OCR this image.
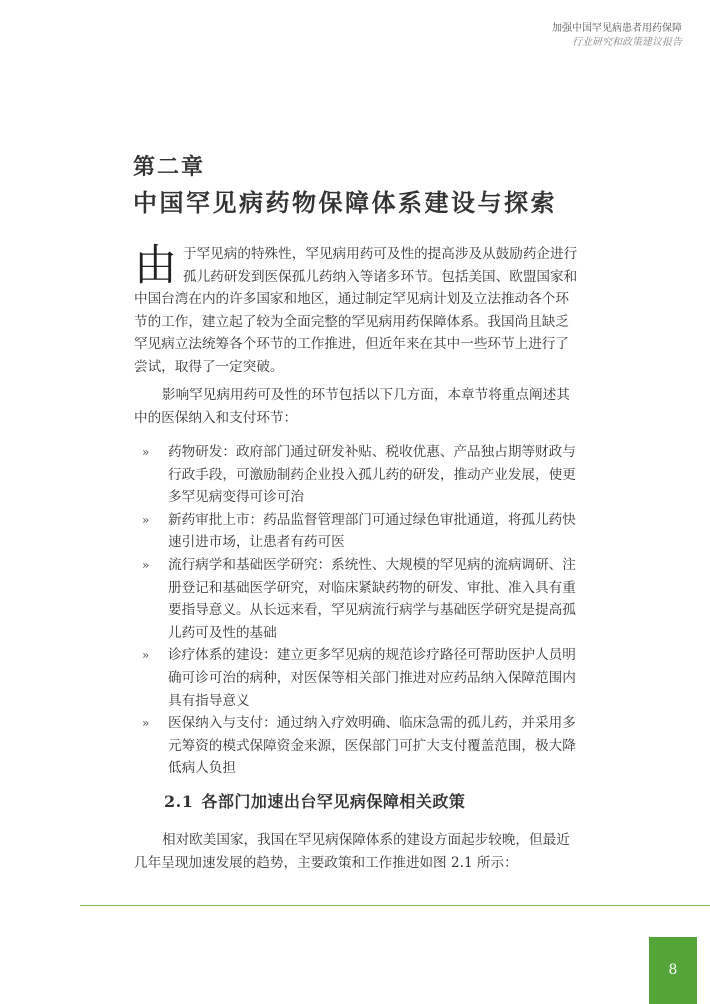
加强中国罕见病患者用药保障
行业研究和政策建议报告
第二章
中国罕见病药物保障体系建设与探索
由 于罕见病的特殊性，罕见病用药可及性的提高涉及从鼓励药企进行孤儿药研发到医保孤儿药纳入等诸多环节。包括美国、欧盟国家和中国台湾在内的许多国家和地区，通过制定罕见病计划及立法推动各个环节的工作，建立起了较为全面完整的罕见病用药保障体系。我国尚且缺乏罕见病立法统筹各个环节的工作推进，但近年来在其中一些环节上进行了尝试，取得了一定突破。
影响罕见病用药可及性的环节包括以下几方面，本章节将重点阐述其中的医保纳入和支付环节：
» 药物研发：政府部门通过研发补贴、税收优惠、产品独占期等财政与行政手段，可激励制药企业投入孤儿药的研发，推动产业发展，使更多罕见病变得可诊可治
» 新药审批上市：药品监督管理部门可通过绿色审批通道，将孤儿药快速引进市场，让患者有药可医
» 流行病学和基础医学研究：系统性、大规模的罕见病的流病调研、注册登记和基础医学研究，对临床紧缺药物的研发、审批、准入具有重要指导意义。从长远来看，罕见病流行病学与基础医学研究是提高孤儿药可及性的基础
» 诊疗体系的建设：建立更多罕见病的规范诊疗路径可帮助医护人员明确可诊可治的病种，对医保等相关部门推进对应药品纳入保障范围内具有指导意义
» 医保纳入与支付：通过纳入疗效明确、临床急需的孤儿药，并采用多元筹资的模式保障资金来源，医保部门可扩大支付覆盖范围，极大降低病人负担
2.1 各部门加速出台罕见病保障相关政策
相对欧美国家，我国在罕见病保障体系的建设方面起步较晚，但最近几年呈现加速发展的趋势，主要政策和工作推进如图 2.1 所示：
8
